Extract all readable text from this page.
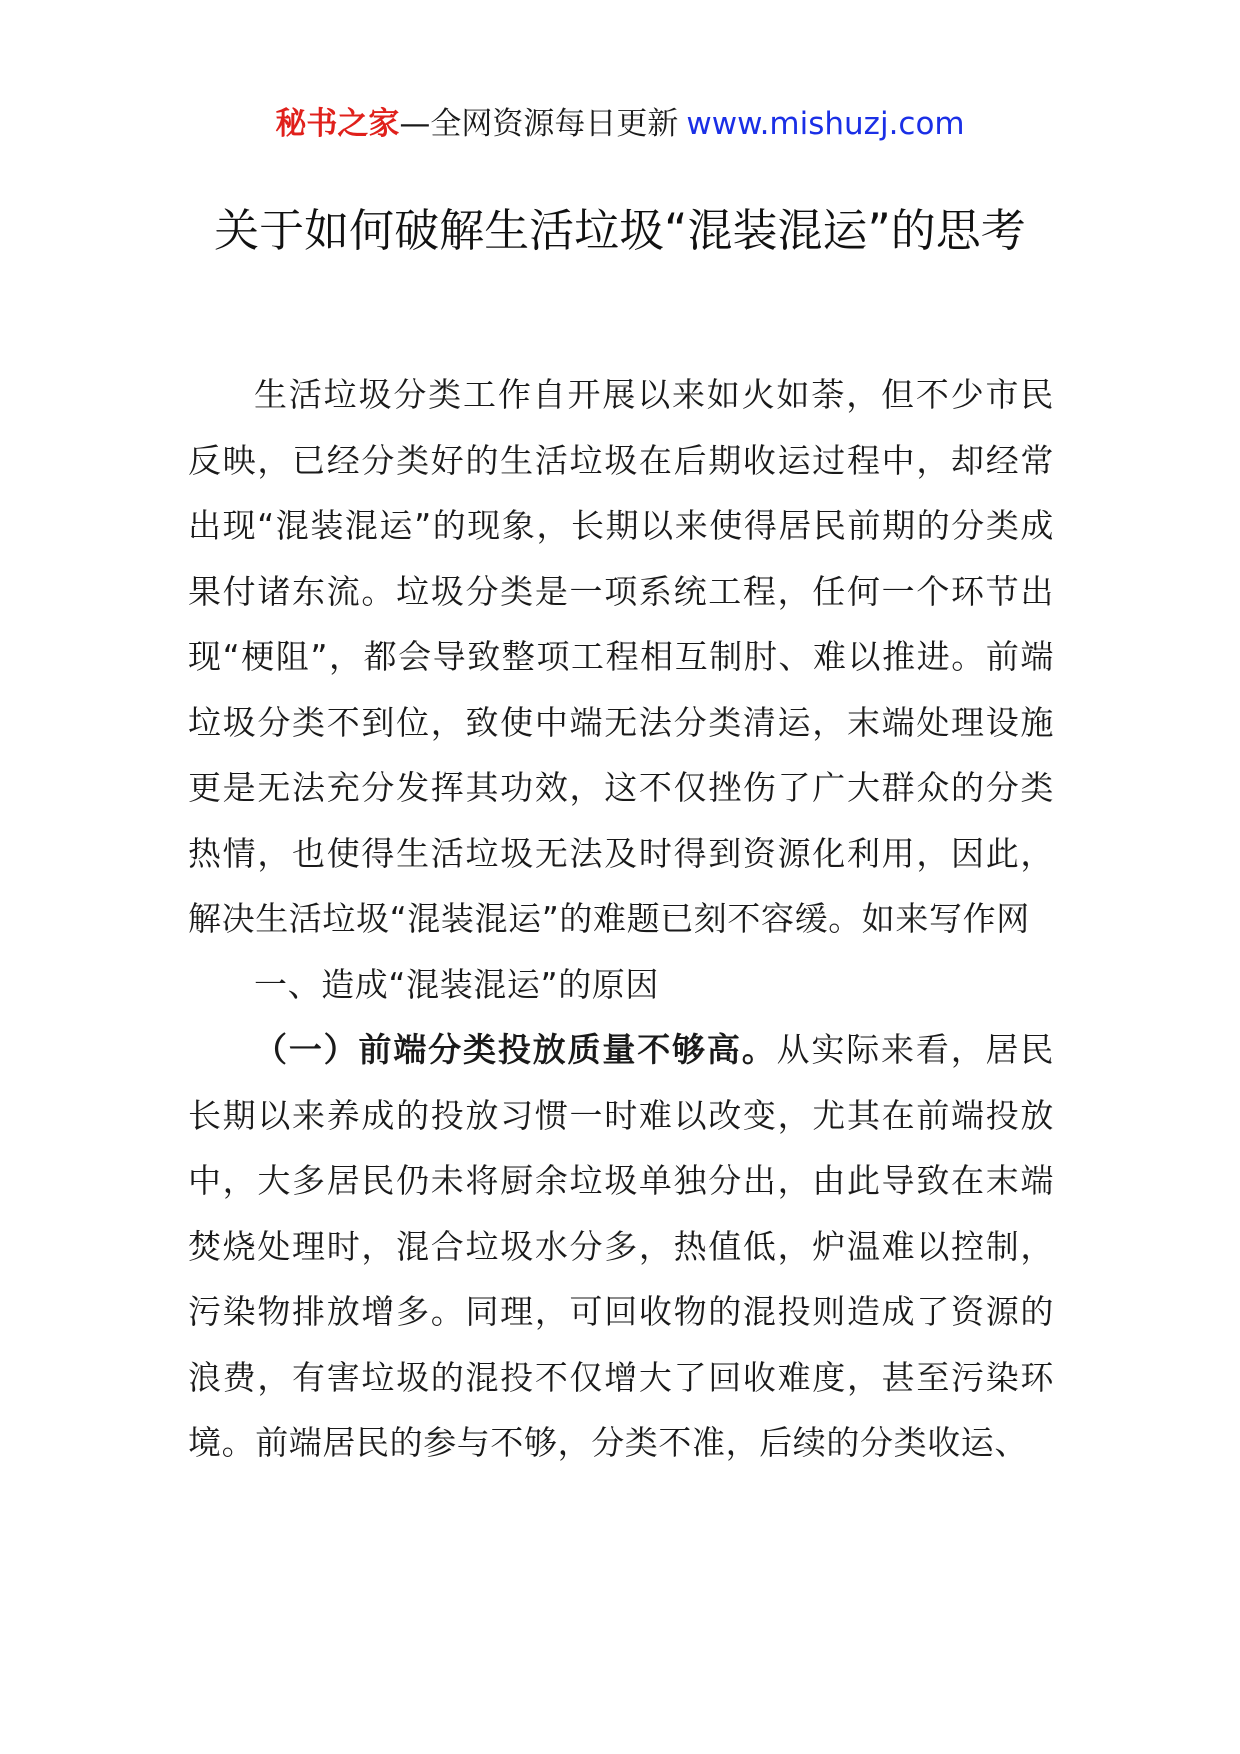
秘书之家—全网资源每日更新 www.mishuzj.com
关于如何破解生活垃圾“混装混运”的思考

生活垃圾分类工作自开展以来如火如荼，但不少市民反映，已经分类好的生活垃圾在后期收运过程中，却经常出现“混装混运”的现象，长期以来使得居民前期的分类成果付诸东流。垃圾分类是一项系统工程，任何一个环节出现“梗阻”，都会导致整项工程相互制肘、难以推进。前端垃圾分类不到位，致使中端无法分类清运，末端处理设施更是无法充分发挥其功效，这不仅挫伤了广大群众的分类热情，也使得生活垃圾无法及时得到资源化利用，因此，解决生活垃圾“混装混运”的难题已刻不容缓。如来写作网

一、造成“混装混运”的原因

（一）前端分类投放质量不够高。从实际来看，居民长期以来养成的投放习惯一时难以改变，尤其在前端投放中，大多居民仍未将厨余垃圾单独分出，由此导致在末端焚烧处理时，混合垃圾水分多，热值低，炉温难以控制，污染物排放增多。同理，可回收物的混投则造成了资源的浪费，有害垃圾的混投不仅增大了回收难度，甚至污染环境。前端居民的参与不够，分类不准，后续的分类收运、
